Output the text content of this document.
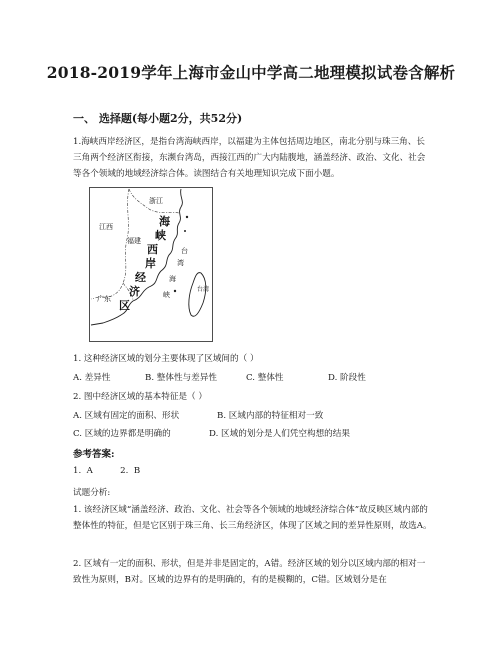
2018-2019学年上海市金山中学高二地理模拟试卷含解析
一、 选择题(每小题2分，共52分)
1.海峡西岸经济区，是指台湾海峡西岸，以福建为主体包括周边地区，南北分别与珠三角、长三角两个经济区衔接，东濒台湾岛，西接江西的广大内陆腹地，涵盖经济、政治、文化、社会等各个领域的地域经济综合体。读图结合有关地理知识完成下面小题。
浙江
江西
福建
广东
台湾
海
峡
西
岸
经
济
区
台
湾
海
峡
1. 这种经济区域的划分主要体现了区域间的（ ）
A. 差异性	B. 整体性与差异性	C. 整体性	D. 阶段性
2. 图中经济区域的基本特征是（ ）
A. 区域有固定的面积、形状	B. 区域内部的特征相对一致
C. 区域的边界都是明确的	D. 区域的划分是人们凭空构想的结果
参考答案:
1.  A          2.  B
试题分析:
1. 该经济区域“涵盖经济、政治、文化、社会等各个领域的地域经济综合体”故反映区域内部的整体性的特征，但是它区别于珠三角、长三角经济区，体现了区域之间的差异性原则，故选A。
2. 区域有一定的面积、形状，但是并非是固定的，A错。经济区域的划分以区域内部的相对一致性为原则，B对。区域的边界有的是明确的，有的是模糊的，C错。区域划分是在
